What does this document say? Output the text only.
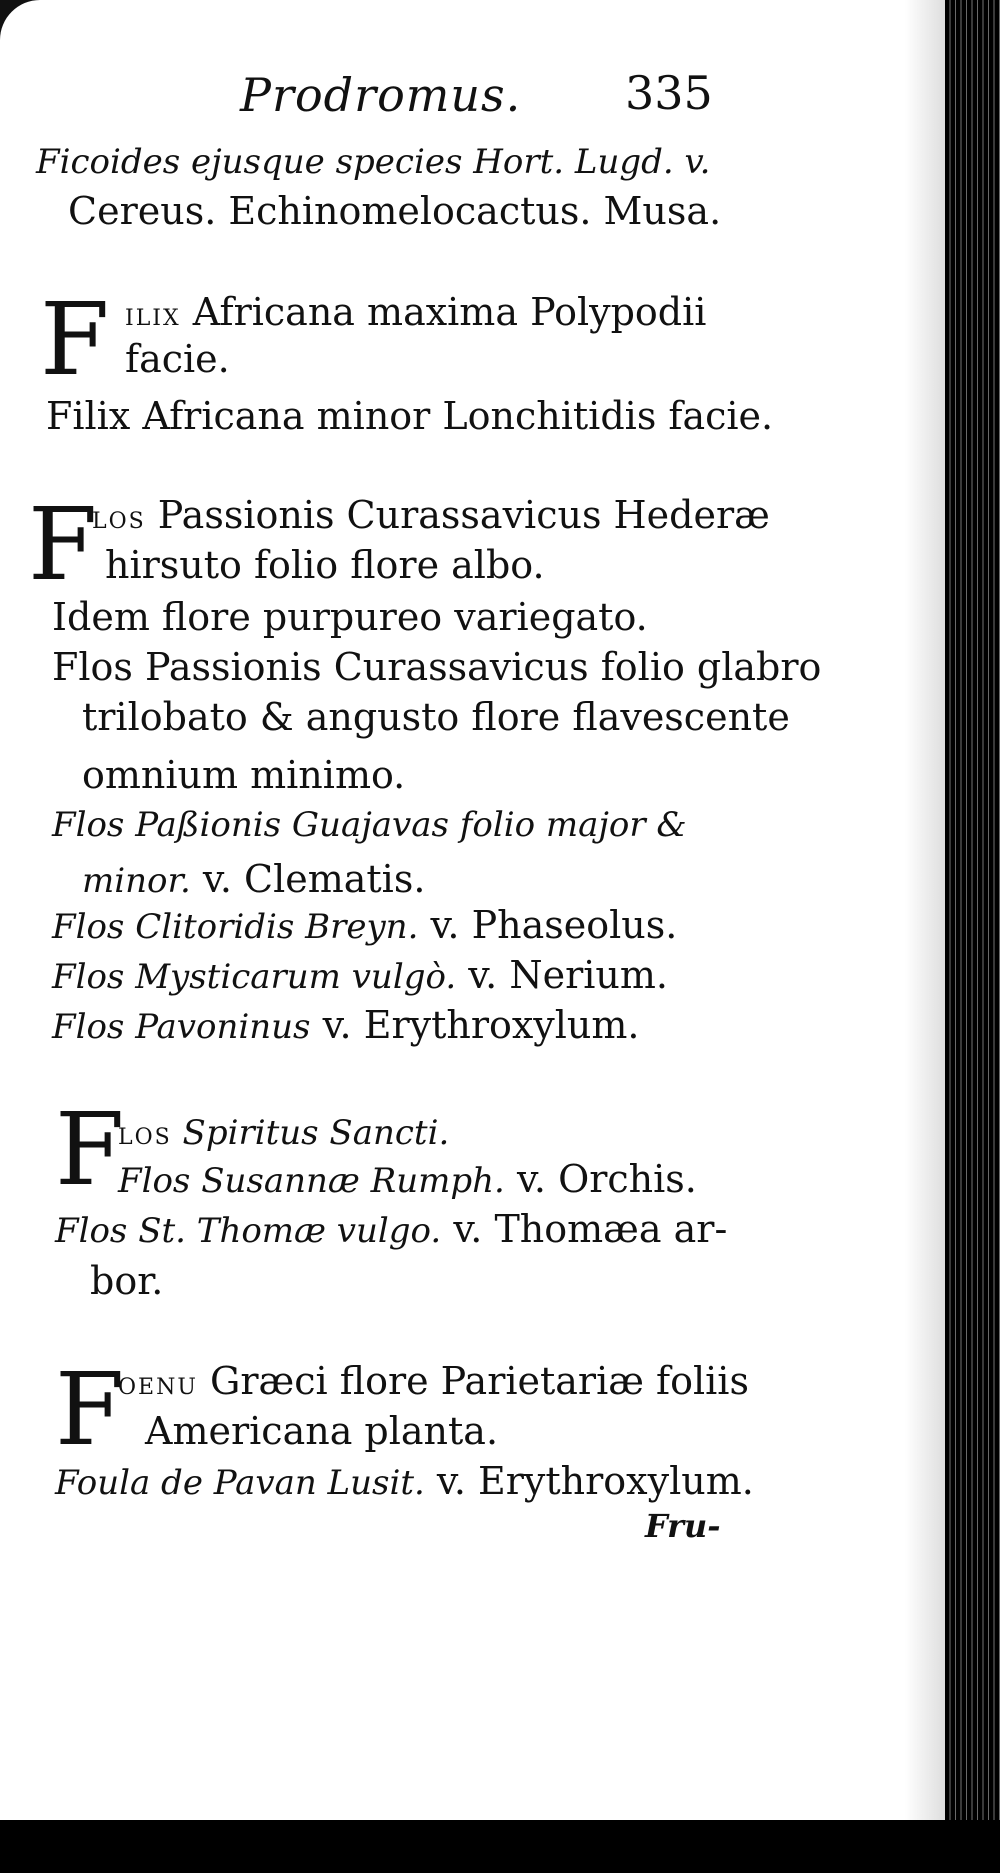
Prodromus. 335
Ficoides ejusque species Hort. Lugd. v.
Cereus. Echinomelocactus. Musa.
F ilix Africana maxima Polypodii
facie.
Filix Africana minor Lonchitidis facie.
F
los Passionis Curassavicus Hederæ
hirsuto folio flore albo.
Idem flore purpureo variegato.
Flos Passionis Curassavicus folio glabro
trilobato & angusto flore flavescente
omnium minimo.
Flos Paßionis Guajavas folio major &
minor. v. Clematis.
Flos Clitoridis Breyn. v. Phaseolus.
Flos Mysticarum vulgò. v. Nerium.
Flos Pavoninus v. Erythroxylum.
F
los Spiritus Sancti.
Flos Susannæ Rumph. v. Orchis.
Flos St. Thomæ vulgo. v. Thomæa ar-
bor.
F
oenu Græci flore Parietariæ foliis
Americana planta.
Foula de Pavan Lusit. v. Erythroxylum.
Fru-
